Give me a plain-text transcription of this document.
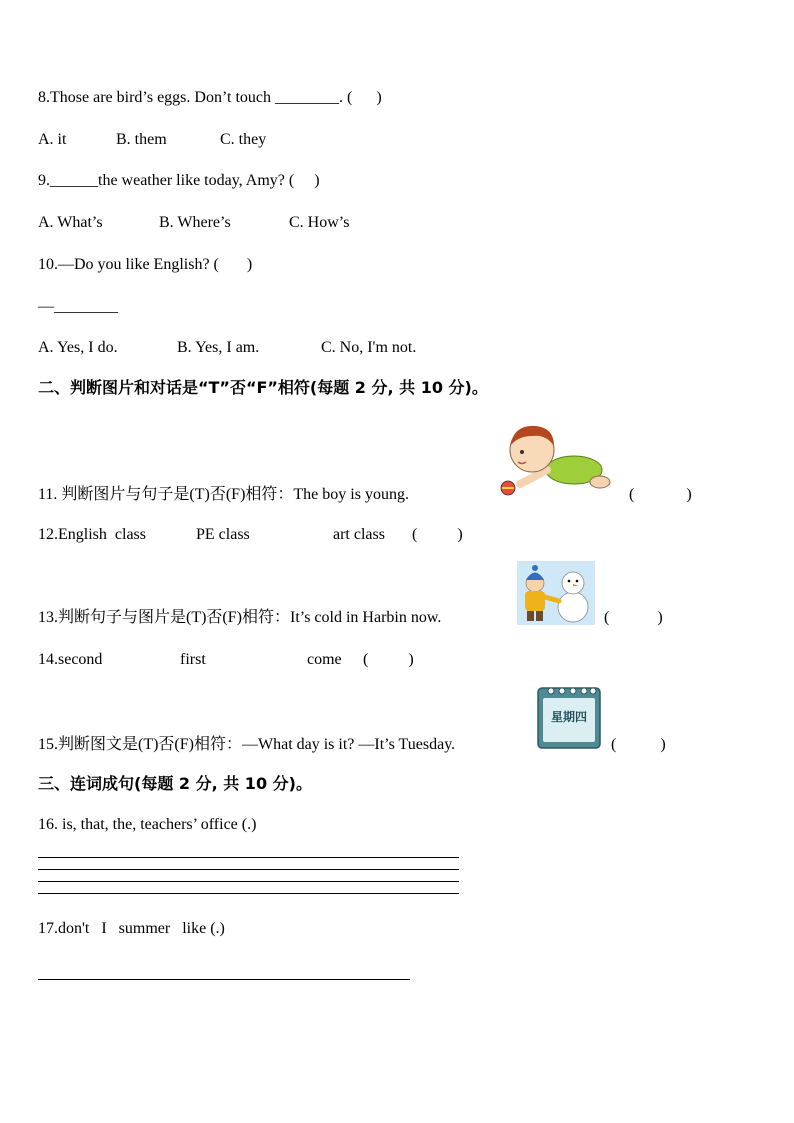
8.Those are bird’s eggs. Don’t touch ________. (      )
A. it	B. them	C. they
9.______the weather like today, Amy? (     )
A. What’s	B. Where’s	C. How’s
10.—Do you like English? (       )
—________
A. Yes, I do.	B. Yes, I am.	C. No, I'm not.
二、判断图片和对话是“T”否“F”相符(每题 2 分, 共 10 分)。
11. 判断图片与句子是(T)否(F)相符：The boy is young.	(             )
12.English  class	PE class	art class (          )
13.判断句子与图片是(T)否(F)相符：It’s cold in Harbin now.	(            )
14.second	first	come (          )
星期四
15.判断图文是(T)否(F)相符：—What day is it? —It’s Tuesday.	(           )
三、连词成句(每题 2 分, 共 10 分)。
16. is, that, the, teachers’ office (.)
17.don't   I   summer   like (.)
